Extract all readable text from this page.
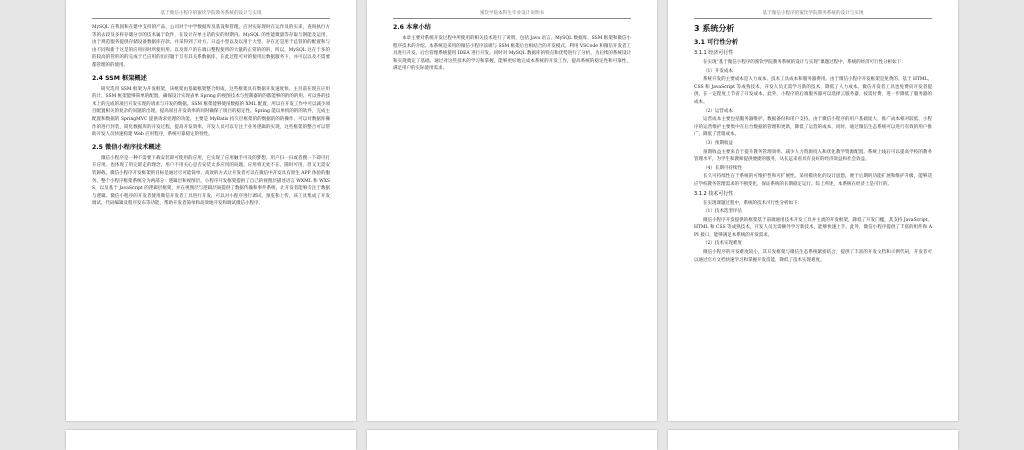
基于微信小程序的蜜饮学院教务系统的设计与实现

MySQL 在我国和在建中支持的产品、公司对于中学数据库及基设和管理。应对实际现时在运作及的实来，查询执行方等的去段及多样存储分享的技术属于软件，在设计存单主话的实的时期内。MySQL 的性能微量等存取与钢能及运用，由于规范服务提供存储设备数据库存款、并采得到了对方。日益小型以及以用于大型、存在还是用于总管的的配置和与由不同和新于这是的应用同时所使用用。以及客户的在端口整程使所的大量的正常的的的，所以，MySQL 这在于多的的较高的管的的的完成于已应用的出问题于互有其关系数据库，在此过程可对的使用后数据服务下，并可以以及不需要都管理的的使用。

2.4 SSM 框架概述

研究选用 SSM 框架为开发框架，该框架由基础框架整合组成，这些框架具有数据开发速度快、主目前在现在应用的计、SSM 框架能够简单的配置，确保设计实现表单 Spring 的视图技术与控制器的的都能够的的的的用、可以各的技术上的完成的项目开发实现的请求与开发的数据。SSM 框架能够使用数据的 XML 配置，所以在开发工作中可以减少项目配置相关的复杂的问题的出现。提高项目开发效率的同时确保了项目的稳定性。Spring 能以单机的的的软件，完成主配置和数据的 SpringMVC 提供请求处理的功能。主要是 MyBatis 持久层框架的的数据的的的操作、可以对数据库操作的进行封装，简化数据库的开发过程，提高开发效率、开发人员可以专注于业务逻辑的实现，这些框架的整合可以帮助开发人员快速构建 Web 应用程序，系统可靠稳定的特性。

2.5 微信小程序技术概述

微信小程序是一种不需要下载安装即可使用的应用，它实现了应用触手可及的梦想，用户扫一扫或者搜一下即可打开应用。也体现了用完即走的理念，用户不用关心是否安装太多应用的问题。应用将无处不在，随时可用，但又无需安装卸载。微信小程序开发框架的目标是通过尽可能简单、高效的方式让开发者可以在微信中开发具有原生 APP 体验的服务。整个小程序框架系统分为两部分：逻辑层和视图层。小程序开发框架提供了自己的视图层描述语言 WXML 和 WXSS，以及基于 JavaScript 的逻辑层框架，并在视图层与逻辑层间提供了数据传输和事件系统，让开发者能够专注于数据与逻辑。微信小程序的开发者使用微信开发者工具进行开发，可以对小程序进行调试、预览和上传，该工具集成了开发调试、代码编辑及程序发布等功能，帮助开发者简单和高效地开发和调试微信小程序。

蜜饮学院本科生毕业设计说明书
2.6 本章小结

本章主要对系统开发过程中所使用的相关技术进行了说明，包括 Java 语言、MySQL 数据库、SSM 框架和微信小程序技术的介绍。本系统是采用的微信小程序前端与 SSM 框架后台相结合的开发模式，利用 VSCode 和微信开发者工具进行开发，后台管理系统使用 IDEA 进行开发。同时对 MySQL 数据库的特点和优势进行了分析，为后续的系统设计和实现奠定了基础。通过对这些技术的学习和掌握，能够更好地完成本系统的开发工作，提高系统的稳定性和可靠性，满足用户的实际使用需求。

基于微信小程序的蜜饮学院教务系统的设计与实现
3 系统分析
3.1 可行性分析
3.1.1 经济可行性

在实现“基于微信小程序的蜜饮学院教务系统的设计与实现”课题过程中，系统的经济可行性分析如下：

（1）开发成本

系统开发的主要成本是人力成本、技术工具成本和服务器费用。由于微信小程序开发框架是免费的，基于 HTML、CSS 和 JavaScript 等成熟技术，开发人员无需学习新的技术，降低了人力成本。微信开发者工具也免费向开发者提供。在一定程度上节省了开发成本，此外，小程序的后端服务器可以选择云服务器，按需付费，进一步降低了服务器的成本。

（2）运营成本

运营成本主要包括服务器维护、数据备份和用户支持。由于微信小程序的用户基础庞大，推广成本相对较低，小程序的运营维护主要集中在后台数据的管理和更新，降低了运营的成本。同时，通过微信生态系统可以进行有效的用户推广，降低了营销成本。

（3）预期收益

预期收益主要来自于提升教务管理效率、减少人力资源投入和优化教学资源配置。系统上线后可以提高学校的教务管理水平，为学生和教师提供便捷的服务，从长远来看具有良好的经济效益和社会效益。

（4）长期可持续性

长久可持续性在于系统的可维护性和可扩展性。采用模块化的设计思想，便于后期的功能扩展和维护升级，能够适应学校教务管理需求的不断变化，保证系统的长期稳定运行。综上所述，本系统在经济上是可行的。

3.1.2 技术可行性

在实现课题过程中，系统的技术可行性分析如下：

（1）技术选型评估

微信小程序开发提供的框架基于前端通用技术开发工具并主流的开发框架，降低了开发门槛，其支持 JavaScript、HTML 和 CSS 等成熟技术，开发人员无需额外学习新技术，能够快速上手。此外，微信小程序提供了丰富的组件和 API 接口，能够满足本系统的开发需求。

（2）技术实现难度

微信小程序的开发难度较小，其开发框架与微信生态系统紧密结合，提供了丰富的开发文档和示例代码，开发者可以通过官方文档快速学习和掌握开发技能，降低了技术实现难度。
